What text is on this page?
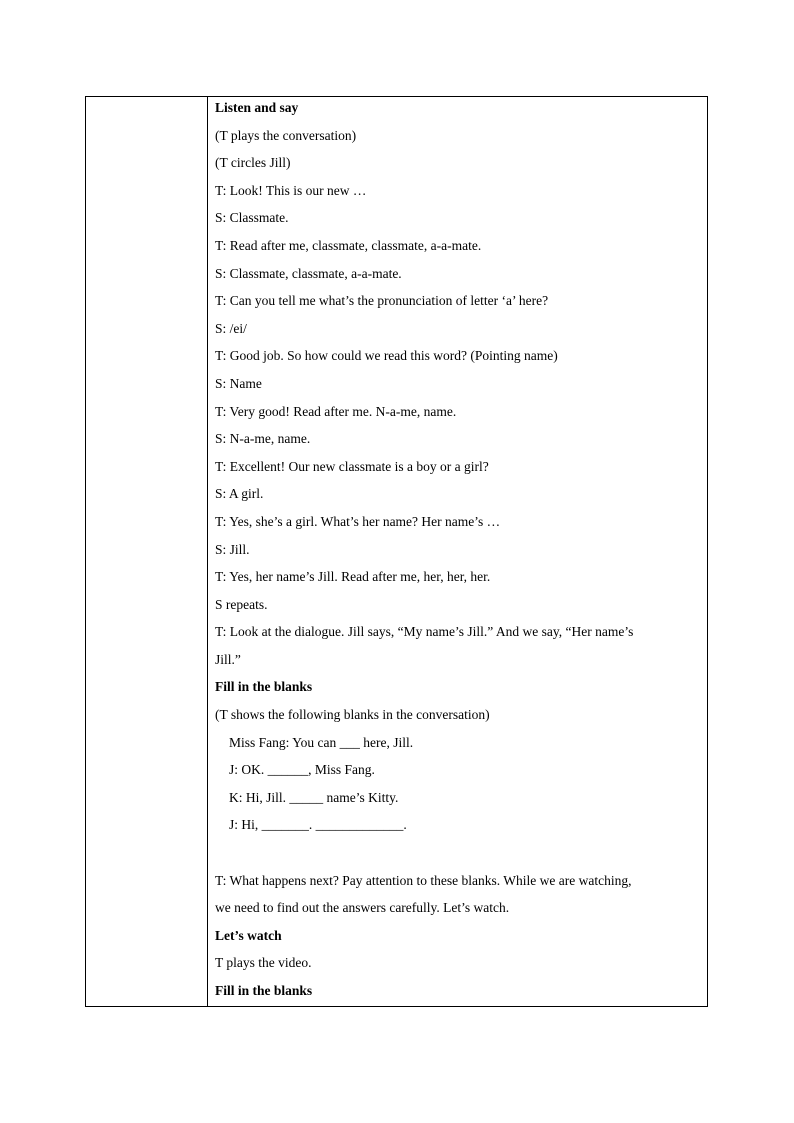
Listen and say
(T plays the conversation)
(T circles Jill)
T: Look! This is our new …
S: Classmate.
T: Read after me, classmate, classmate, a-a-mate.
S: Classmate, classmate, a-a-mate.
T: Can you tell me what’s the pronunciation of letter ‘a’ here?
S: /ei/
T: Good job. So how could we read this word? (Pointing name)
S: Name
T: Very good! Read after me. N-a-me, name.
S: N-a-me, name.
T: Excellent! Our new classmate is a boy or a girl?
S: A girl.
T: Yes, she’s a girl. What’s her name? Her name’s …
S: Jill.
T: Yes, her name’s Jill. Read after me, her, her, her.
S repeats.
T: Look at the dialogue. Jill says, “My name’s Jill.” And we say, “Her name’s
Jill.”
Fill in the blanks
(T shows the following blanks in the conversation)
Miss Fang: You can ___ here, Jill.
J: OK. ______, Miss Fang.
K: Hi, Jill. _____ name’s Kitty.
J: Hi, _______. _____________.
T: What happens next? Pay attention to these blanks. While we are watching,
we need to find out the answers carefully. Let’s watch.
Let’s watch
T plays the video.
Fill in the blanks
